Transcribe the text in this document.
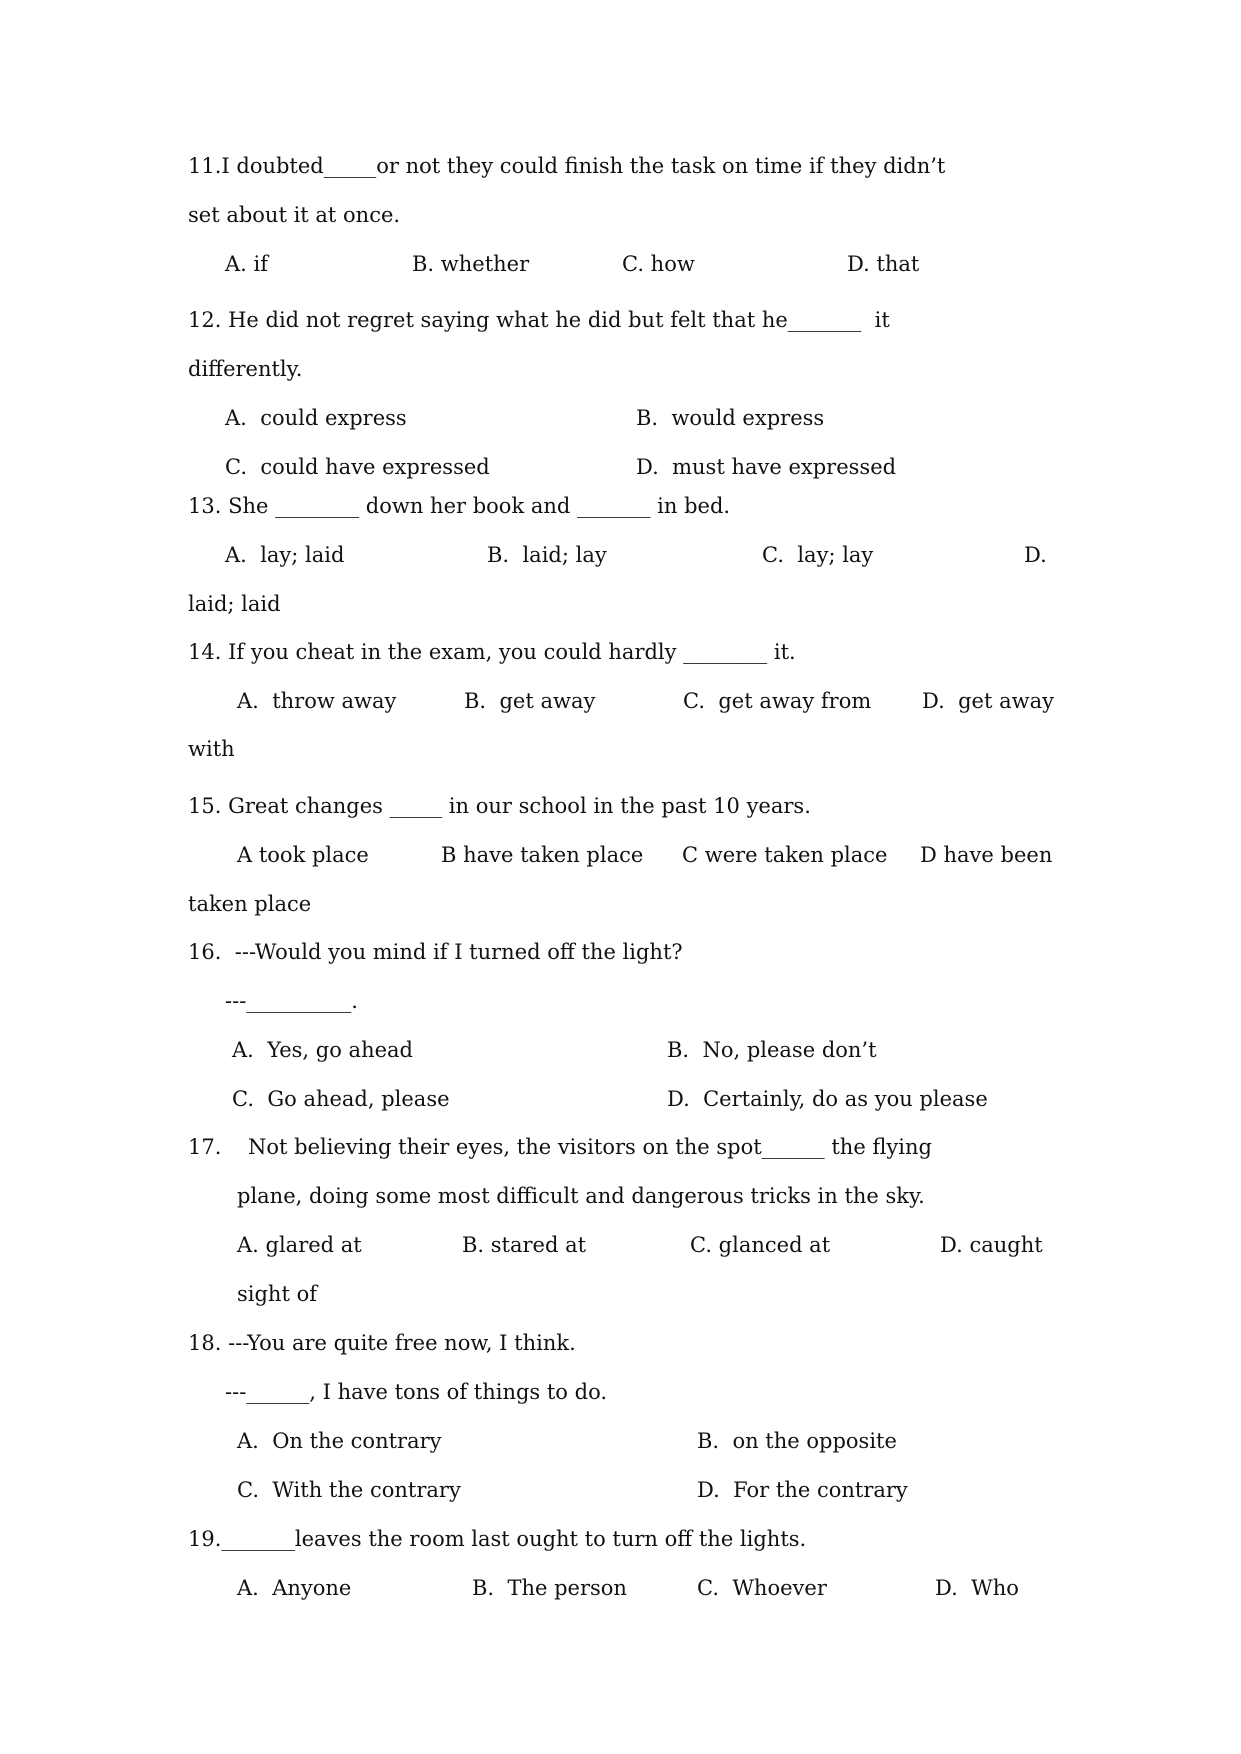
11.I doubted_____or not they could finish the task on time if they didn’t
set about it at once.
A. if	B. whether	C. how	D. that
12. He did not regret saying what he did but felt that he_______  it
differently.
A.  could express	B.  would express
C.  could have expressed	D.  must have expressed
13. She ________ down her book and _______ in bed.
A.  lay; laid	B.  laid; lay	C.  lay; lay	D.
laid; laid
14. If you cheat in the exam, you could hardly ________ it.
A.  throw away	B.  get away	C.  get away from D.  get away
with
15. Great changes _____ in our school in the past 10 years.
A took place	B have taken place C were taken place D have been
taken place
16. ---Would you mind if I turned off the light?
---__________.
A.  Yes, go ahead	B.  No, please don’t
C.  Go ahead, please	D.  Certainly, do as you please
17. Not believing their eyes, the visitors on the spot______ the flying
plane, doing some most difficult and dangerous tricks in the sky.
A. glared at	B. stared at	C. glanced at	D. caught
sight of
18. ---You are quite free now, I think.
---______, I have tons of things to do.
A.  On the contrary	B.  on the opposite
C.  With the contrary	D.  For the contrary
19._______leaves the room last ought to turn off the lights.
A.  Anyone	B.  The person	C.  Whoever	D.  Who
